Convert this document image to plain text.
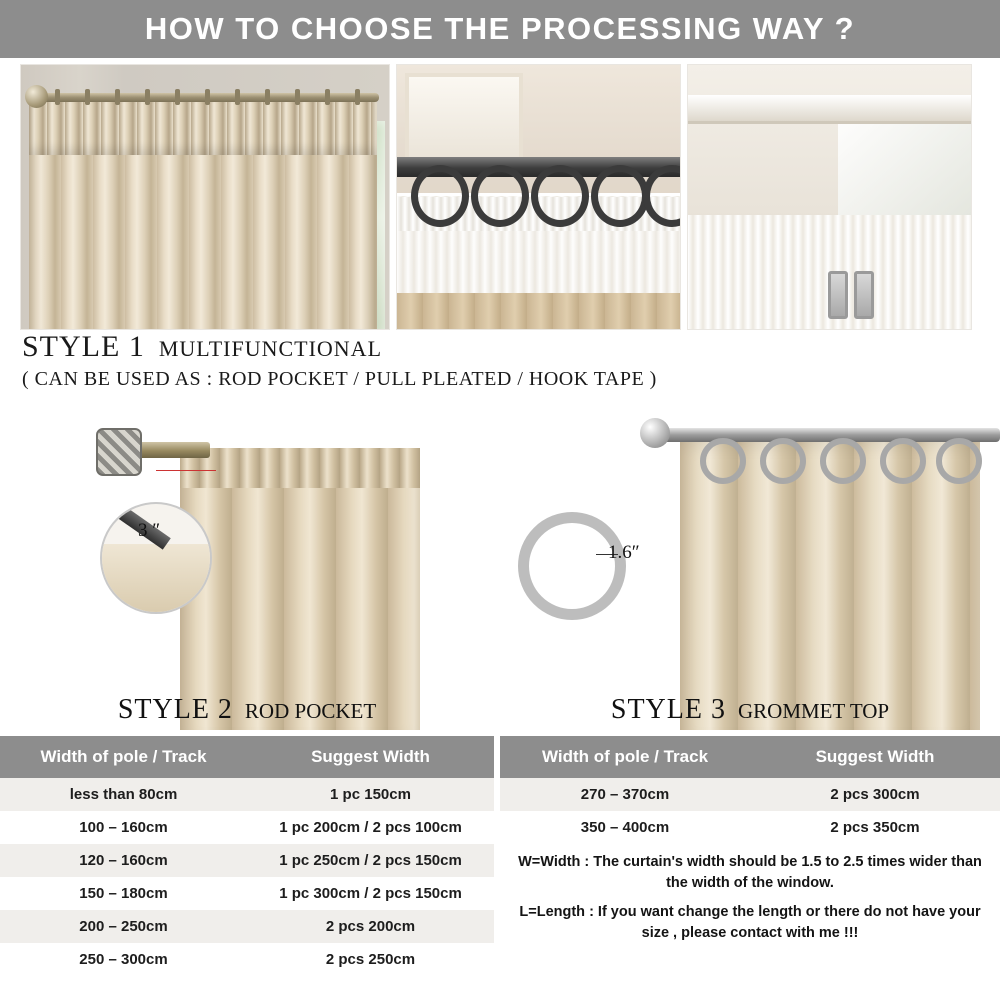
HOW TO CHOOSE THE PROCESSING WAY ?
STYLE 1 MULTIFUNCTIONAL
( CAN BE USED AS : ROD POCKET / PULL PLEATED / HOOK TAPE )
3 ″
STYLE 2 ROD POCKET
1.6″
STYLE 3 GROMMET TOP
Width of pole / Track	Suggest Width
less than 80cm	1 pc 150cm
100 – 160cm	1 pc 200cm / 2 pcs 100cm
120 – 160cm	1 pc 250cm / 2 pcs 150cm
150 – 180cm	1 pc 300cm / 2 pcs 150cm
200 – 250cm	2 pcs 200cm
250 – 300cm	2 pcs 250cm
Width of pole / Track	Suggest Width
270 – 370cm	2 pcs 300cm
350 – 400cm	2 pcs 350cm
W=Width : The curtain's width should be 1.5 to 2.5 times wider than the width of the window.
L=Length : If you want change the length or there do not have your size , please contact with me !!!
